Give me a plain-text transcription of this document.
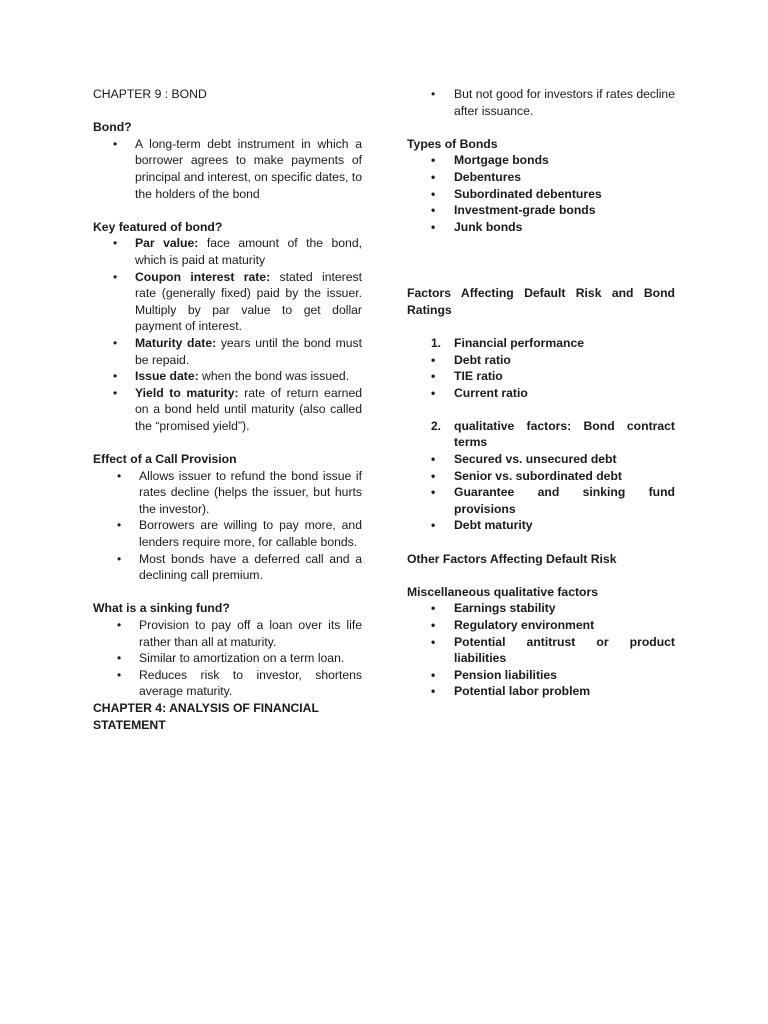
CHAPTER 9 : BOND

Bond?

• A long-term debt instrument in which a borrower agrees to make payments of principal and interest, on specific dates, to the holders of the bond

Key featured of bond?

• Par value: face amount of the bond, which is paid at maturity
• Coupon interest rate: stated interest rate (generally fixed) paid by the issuer. Multiply by par value to get dollar payment of interest.
• Maturity date: years until the bond must be repaid.
• Issue date: when the bond was issued.
• Yield to maturity: rate of return earned on a bond held until maturity (also called the “promised yield”).

Effect of a Call Provision

• Allows issuer to refund the bond issue if rates decline (helps the issuer, but hurts the investor).
• Borrowers are willing to pay more, and lenders require more, for callable bonds.
• Most bonds have a deferred call and a declining call premium.

What is a sinking fund?

• Provision to pay off a loan over its life rather than all at maturity.
• Similar to amortization on a term loan.
• Reduces risk to investor, shortens average maturity.

CHAPTER 4: ANALYSIS OF FINANCIAL STATEMENT

• But not good for investors if rates decline after issuance.

Types of Bonds

• Mortgage bonds
• Debentures
• Subordinated debentures
• Investment-grade bonds
• Junk bonds

Factors Affecting Default Risk and Bond Ratings

1. Financial performance
• Debt ratio
• TIE ratio
• Current ratio
2. qualitative factors: Bond contract terms
• Secured vs. unsecured debt
• Senior vs. subordinated debt
• Guarantee and sinking fund provisions
• Debt maturity

Other Factors Affecting Default Risk

Miscellaneous qualitative factors

• Earnings stability
• Regulatory environment
• Potential antitrust or product liabilities
• Pension liabilities
• Potential labor problem
